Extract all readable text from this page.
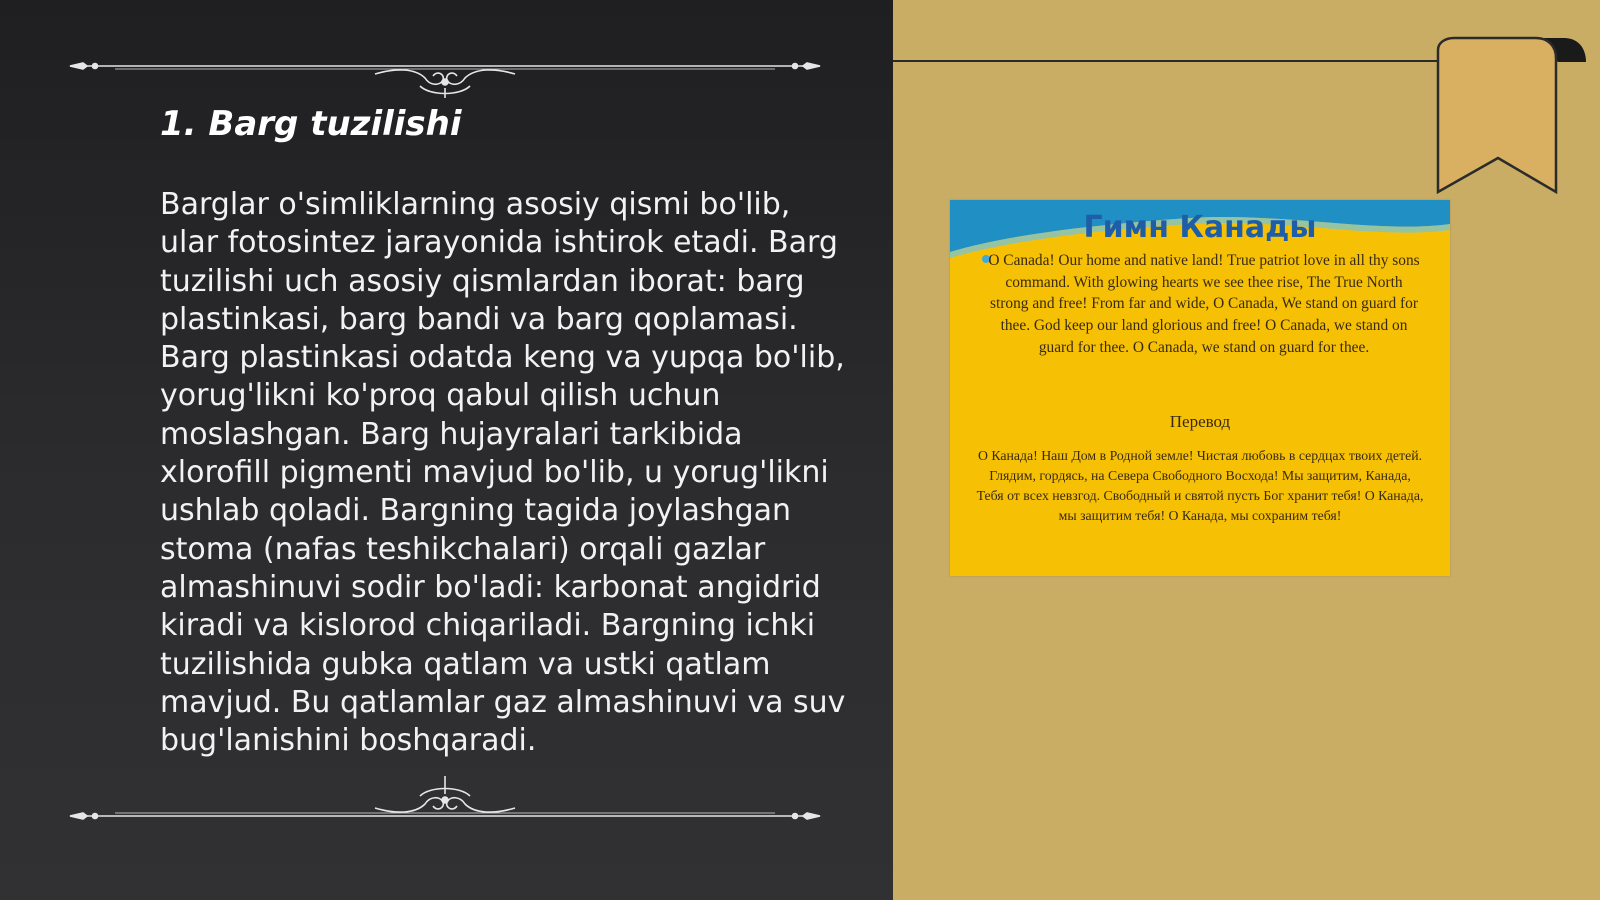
1. Barg tuzilishi

Barglar o'simliklarning asosiy qismi bo'lib, ular fotosintez jarayonida ishtirok etadi. Barg tuzilishi uch asosiy qismlardan iborat: barg plastinkasi, barg bandi va barg qoplamasi. Barg plastinkasi odatda keng va yupqa bo'lib, yorug'likni ko'proq qabul qilish uchun moslashgan. Barg hujayralari tarkibida xlorofill pigmenti mavjud bo'lib, u yorug'likni ushlab qoladi. Bargning tagida joylashgan stoma (nafas teshikchalari) orqali gazlar almashinuvi sodir bo'ladi: karbonat angidrid kiradi va kislorod chiqariladi. Bargning ichki tuzilishida gubka qatlam va ustki qatlam mavjud. Bu qatlamlar gaz almashinuvi va suv bug'lanishini boshqaradi.

Гимн Канады

O Canada! Our home and native land! True patriot love in all thy sons command. With glowing hearts we see thee rise, The True North strong and free! From far and wide, O Canada, We stand on guard for thee. God keep our land glorious and free! O Canada, we stand on guard for thee. O Canada, we stand on guard for thee.

Перевод

О Канада! Наш Дом в Родной земле! Чистая любовь в сердцах твоих детей. Глядим, гордясь, на Севера Свободного Восхода! Мы защитим, Канада, Тебя от всех невзгод. Свободный и святой пусть Бог хранит тебя! О Канада, мы защитим тебя! О Канада, мы сохраним тебя!
